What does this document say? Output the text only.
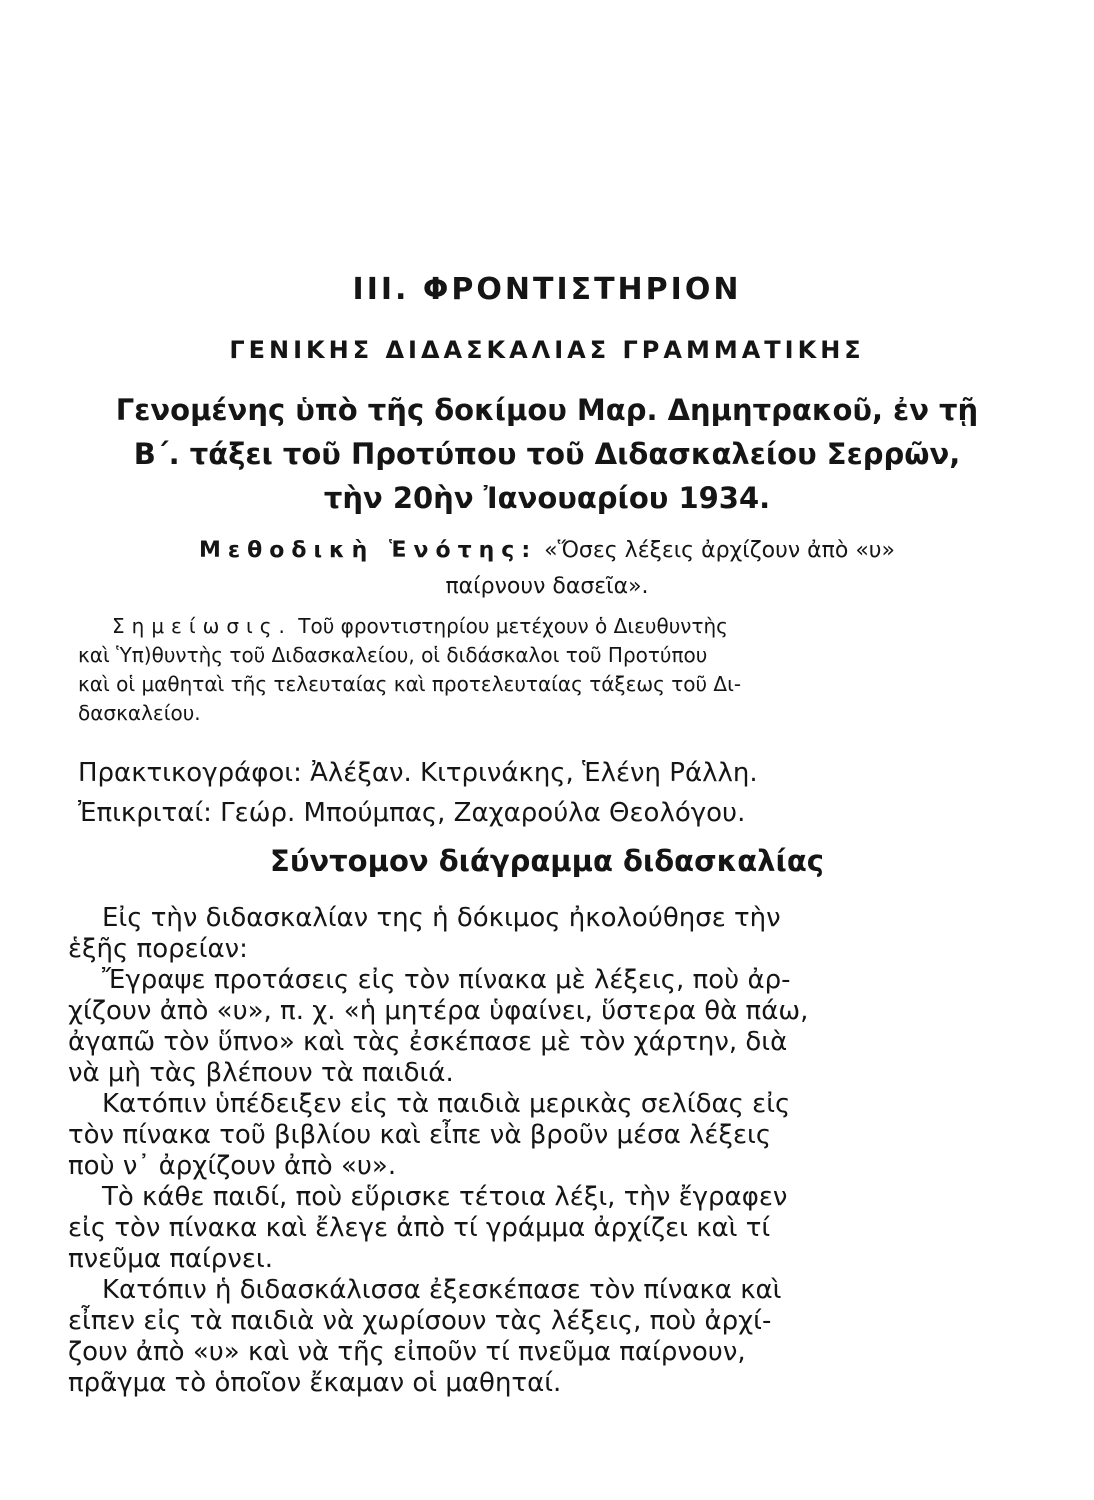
III. ΦΡΟΝΤΙΣΤΗΡΙΟΝ
ΓΕΝΙΚΗΣ ΔΙΔΑΣΚΑΛΙΑΣ ΓΡΑΜΜΑΤΙΚΗΣ
Γενομένης ὑπὸ τῆς δοκίμου Μαρ. Δημητρακοῦ, ἐν τῇ
Β΄. τάξει τοῦ Προτύπου τοῦ Διδασκαλείου Σερρῶν,
τὴν 20ὴν Ἰανουαρίου 1934.
Μεθοδικὴ Ἑνότης: «Ὅσες λέξεις ἀρχίζουν ἀπὸ «υ»
παίρνουν δασεῖα».
Σημείωσις. Τοῦ φροντιστηρίου μετέχουν ὁ Διευθυντὴς
καὶ Ὑπ)θυντὴς τοῦ Διδασκαλείου, οἱ διδάσκαλοι τοῦ Προτύπου
καὶ οἱ μαθηταὶ τῆς τελευταίας καὶ προτελευταίας τάξεως τοῦ Δι-
δασκαλείου.
Πρακτικογράφοι: Ἀλέξαν. Κιτρινάκης, Ἑλένη Ράλλη.
Ἐπικριταί: Γεώρ. Μπούμπας, Ζαχαρούλα Θεολόγου.
Σύντομον διάγραμμα διδασκαλίας
Εἰς τὴν διδασκαλίαν της ἡ δόκιμος ἠκολούθησε τὴν
ἑξῆς πορείαν:
Ἔγραψε προτάσεις εἰς τὸν πίνακα μὲ λέξεις, ποὺ ἀρ-
χίζουν ἀπὸ «υ», π. χ. «ἡ μητέρα ὑφαίνει, ὕστερα θὰ πάω,
ἀγαπῶ τὸν ὕπνο» καὶ τὰς ἐσκέπασε μὲ τὸν χάρτην, διὰ
νὰ μὴ τὰς βλέπουν τὰ παιδιά.
Κατόπιν ὑπέδειξεν εἰς τὰ παιδιὰ μερικὰς σελίδας εἰς
τὸν πίνακα τοῦ βιβλίου καὶ εἶπε νὰ βροῦν μέσα λέξεις
ποὺ ν᾽ ἀρχίζουν ἀπὸ «υ».
Τὸ κάθε παιδί, ποὺ εὕρισκε τέτοια λέξι, τὴν ἔγραφεν
εἰς τὸν πίνακα καὶ ἔλεγε ἀπὸ τί γράμμα ἀρχίζει καὶ τί
πνεῦμα παίρνει.
Κατόπιν ἡ διδασκάλισσα ἐξεσκέπασε τὸν πίνακα καὶ
εἶπεν εἰς τὰ παιδιὰ νὰ χωρίσουν τὰς λέξεις, ποὺ ἀρχί-
ζουν ἀπὸ «υ» καὶ νὰ τῆς εἰποῦν τί πνεῦμα παίρνουν,
πρᾶγμα τὸ ὁποῖον ἔκαμαν οἱ μαθηταί.
